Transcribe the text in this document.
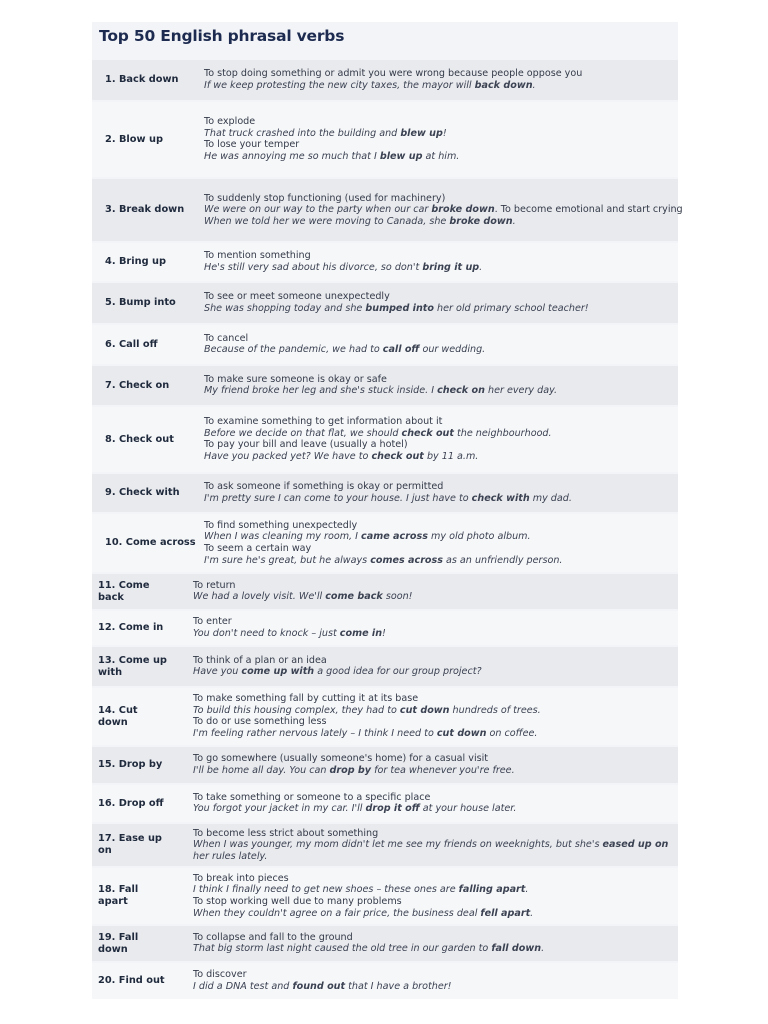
Top 50 English phrasal verbs
1. Back down
To stop doing something or admit you were wrong because people oppose you
If we keep protesting the new city taxes, the mayor will back down.
2. Blow up
To explode
That truck crashed into the building and blew up!
To lose your temper
He was annoying me so much that I blew up at him.
3. Break down
To suddenly stop functioning (used for machinery)
We were on our way to the party when our car broke down. To become emotional and start crying
When we told her we were moving to Canada, she broke down.
4. Bring up
To mention something
He's still very sad about his divorce, so don't bring it up.
5. Bump into
To see or meet someone unexpectedly
She was shopping today and she bumped into her old primary school teacher!
6. Call off
To cancel
Because of the pandemic, we had to call off our wedding.
7. Check on
To make sure someone is okay or safe
My friend broke her leg and she's stuck inside. I check on her every day.
8. Check out
To examine something to get information about it
Before we decide on that flat, we should check out the neighbourhood.
To pay your bill and leave (usually a hotel)
Have you packed yet? We have to check out by 11 a.m.
9. Check with
To ask someone if something is okay or permitted
I'm pretty sure I can come to your house. I just have to check with my dad.
10. Come across
To find something unexpectedly
When I was cleaning my room, I came across my old photo album.
To seem a certain way
I'm sure he's great, but he always comes across as an unfriendly person.
11. Come back
To return
We had a lovely visit. We'll come back soon!
12. Come in
To enter
You don't need to knock – just come in!
13. Come up with
To think of a plan or an idea
Have you come up with a good idea for our group project?
14. Cut down
To make something fall by cutting it at its base
To build this housing complex, they had to cut down hundreds of trees.
To do or use something less
I'm feeling rather nervous lately – I think I need to cut down on coffee.
15. Drop by
To go somewhere (usually someone's home) for a casual visit
I'll be home all day. You can drop by for tea whenever you're free.
16. Drop off
To take something or someone to a specific place
You forgot your jacket in my car. I'll drop it off at your house later.
17. Ease up on
To become less strict about something
When I was younger, my mom didn't let me see my friends on weeknights, but she's eased up on her rules lately.
18. Fall apart
To break into pieces
I think I finally need to get new shoes – these ones are falling apart.
To stop working well due to many problems
When they couldn't agree on a fair price, the business deal fell apart.
19. Fall down
To collapse and fall to the ground
That big storm last night caused the old tree in our garden to fall down.
20. Find out
To discover
I did a DNA test and found out that I have a brother!
